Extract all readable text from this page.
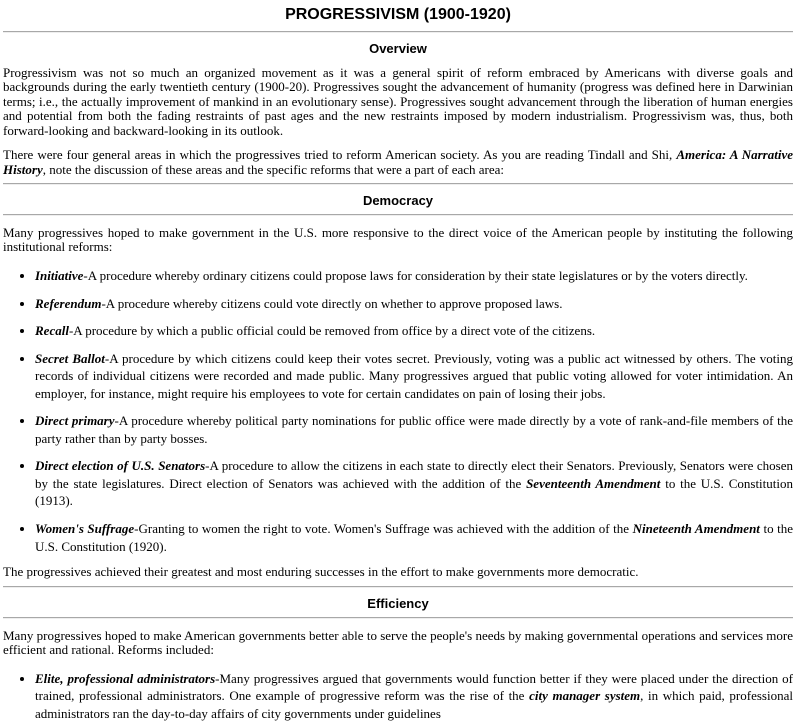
PROGRESSIVISM (1900-1920)
Overview

Progressivism was not so much an organized movement as it was a general spirit of reform embraced by Americans with diverse goals and backgrounds during the early twentieth century (1900-20). Progressives sought the advancement of humanity (progress was defined here in Darwinian terms; i.e., the actually improvement of mankind in an evolutionary sense). Progressives sought advancement through the liberation of human energies and potential from both the fading restraints of past ages and the new restraints imposed by modern industrialism. Progressivism was, thus, both forward-looking and backward-looking in its outlook.

There were four general areas in which the progressives tried to reform American society. As you are reading Tindall and Shi, America: A Narrative History, note the discussion of these areas and the specific reforms that were a part of each area:

Democracy

Many progressives hoped to make government in the U.S. more responsive to the direct voice of the American people by instituting the following institutional reforms:

• Initiative-A procedure whereby ordinary citizens could propose laws for consideration by their state legislatures or by the voters directly.
• Referendum-A procedure whereby citizens could vote directly on whether to approve proposed laws.
• Recall-A procedure by which a public official could be removed from office by a direct vote of the citizens.
• Secret Ballot-A procedure by which citizens could keep their votes secret. Previously, voting was a public act witnessed by others. The voting records of individual citizens were recorded and made public. Many progressives argued that public voting allowed for voter intimidation. An employer, for instance, might require his employees to vote for certain candidates on pain of losing their jobs.
• Direct primary-A procedure whereby political party nominations for public office were made directly by a vote of rank-and-file members of the party rather than by party bosses.
• Direct election of U.S. Senators-A procedure to allow the citizens in each state to directly elect their Senators. Previously, Senators were chosen by the state legislatures. Direct election of Senators was achieved with the addition of the Seventeenth Amendment to the U.S. Constitution (1913).
• Women's Suffrage-Granting to women the right to vote. Women's Suffrage was achieved with the addition of the Nineteenth Amendment to the U.S. Constitution (1920).

The progressives achieved their greatest and most enduring successes in the effort to make governments more democratic.

Efficiency

Many progressives hoped to make American governments better able to serve the people's needs by making governmental operations and services more efficient and rational. Reforms included:

• Elite, professional administrators-Many progressives argued that governments would function better if they were placed under the direction of trained, professional administrators. One example of progressive reform was the rise of the city manager system, in which paid, professional administrators ran the day-to-day affairs of city governments under guidelines
